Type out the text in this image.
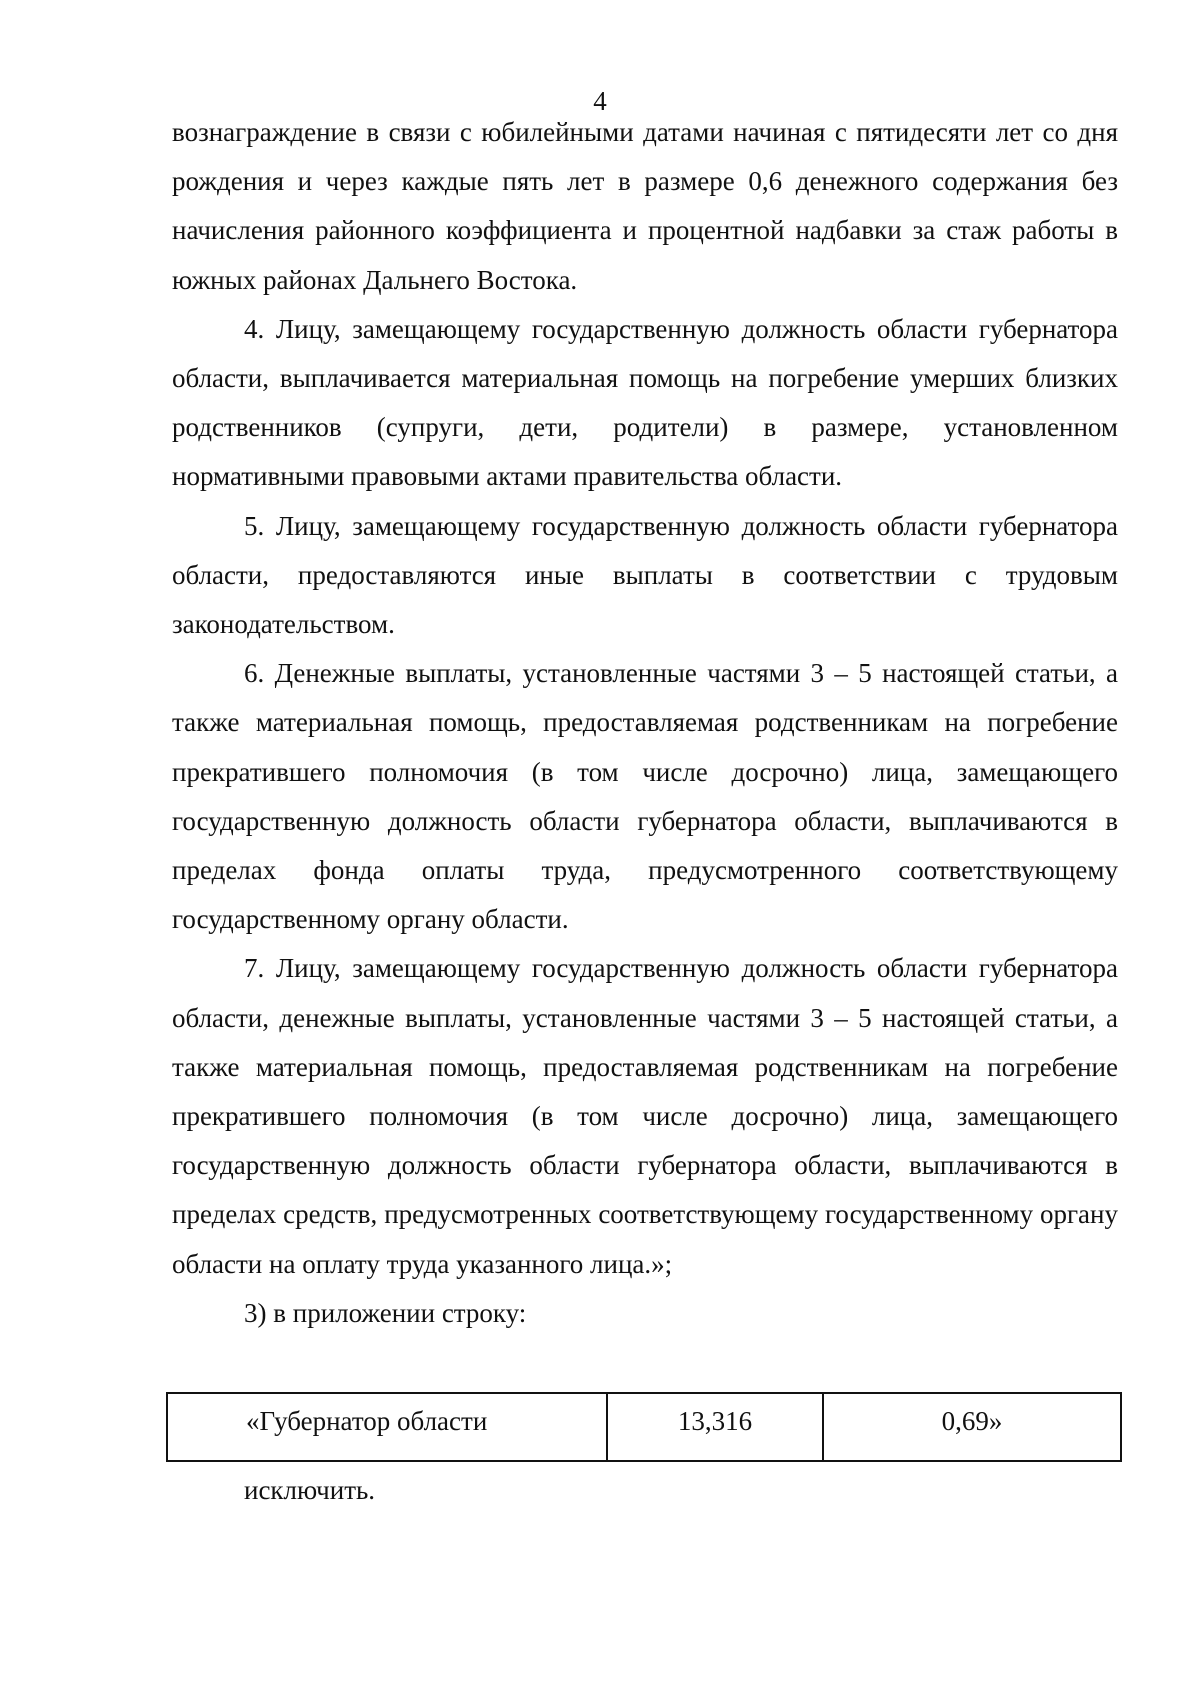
4

вознаграждение в связи с юбилейными датами начиная с пятидесяти лет со дня рождения и через каждые пять лет в размере 0,6 денежного содержания без начисления районного коэффициента и процентной надбавки за стаж работы в южных районах Дальнего Востока.

4. Лицу, замещающему государственную должность области губернатора области, выплачивается материальная помощь на погребение умерших близких родственников (супруги, дети, родители) в размере, установленном нормативными правовыми актами правительства области.

5. Лицу, замещающему государственную должность области губернатора области, предоставляются иные выплаты в соответствии с трудовым законодательством.

6. Денежные выплаты, установленные частями 3 – 5 настоящей статьи, а также материальная помощь, предоставляемая родственникам на погребение прекратившего полномочия (в том числе досрочно) лица, замещающего государственную должность области губернатора области, выплачиваются в пределах фонда оплаты труда, предусмотренного соответствующему государственному органу области.

7. Лицу, замещающему государственную должность области губернатора области, денежные выплаты, установленные частями 3 – 5 настоящей статьи, а также материальная помощь, предоставляемая родственникам на погребение прекратившего полномочия (в том числе досрочно) лица, замещающего государственную должность области губернатора области, выплачиваются в пределах средств, предусмотренных соответствующему государственному органу области на оплату труда указанного лица.»;

3) в приложении строку:

«Губернатор области	13,316	0,69»
исключить.
